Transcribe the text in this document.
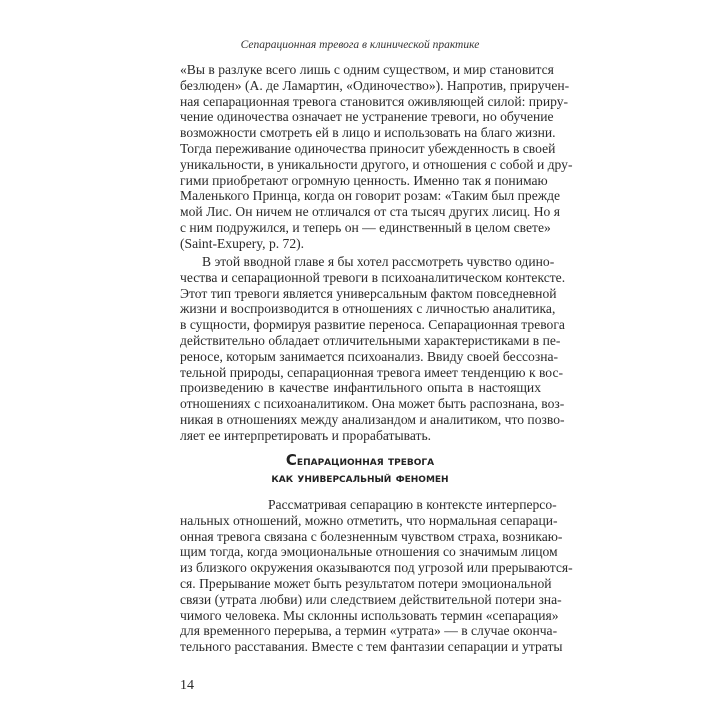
Сепарационная тревога в клинической практике
«Вы в разлуке всего лишь с одним существом, и мир становится
безлюден» (А. де Ламартин, «Одиночество»). Напротив, приручен-
ная сепарационная тревога становится оживляющей силой: приру-
чение одиночества означает не устранение тревоги, но обучение
возможности смотреть ей в лицо и использовать на благо жизни.
Тогда переживание одиночества приносит убежденность в своей
уникальности, в уникальности другого, и отношения с собой и дру-
гими приобретают огромную ценность. Именно так я понимаю
Маленького Принца, когда он говорит розам: «Таким был прежде
мой Лис. Он ничем не отличался от ста тысяч других лисиц. Но я
с ним подружился, и теперь он — единственный в целом свете»
(Saint-Exupery, p. 72).
В этой вводной главе я бы хотел рассмотреть чувство одино-
чества и сепарационной тревоги в психоаналитическом контексте.
Этот тип тревоги является универсальным фактом повседневной
жизни и воспроизводится в отношениях с личностью аналитика,
в сущности, формируя развитие переноса. Сепарационная тревога
действительно обладает отличительными характеристиками в пе-
реносе, которым занимается психоанализ. Ввиду своей бессозна-
тельной природы, сепарационная тревога имеет тенденцию к вос-
произведению в качестве инфантильного опыта в настоящих
отношениях с психоаналитиком. Она может быть распознана, воз-
никая в отношениях между анализандом и аналитиком, что позво-
ляет ее интерпретировать и прорабатывать.
Сепарационная тревога
как универсальный феномен
Рассматривая сепарацию в контексте интерперсо-
нальных отношений, можно отметить, что нормальная сепараци-
онная тревога связана с болезненным чувством страха, возникаю-
щим тогда, когда эмоциональные отношения со значимым лицом
из близкого окружения оказываются под угрозой или прерываются-
ся. Прерывание может быть результатом потери эмоциональной
связи (утрата любви) или следствием действительной потери зна-
чимого человека. Мы склонны использовать термин «сепарация»
для временного перерыва, а термин «утрата» — в случае оконча-
тельного расставания. Вместе с тем фантазии сепарации и утраты
14
